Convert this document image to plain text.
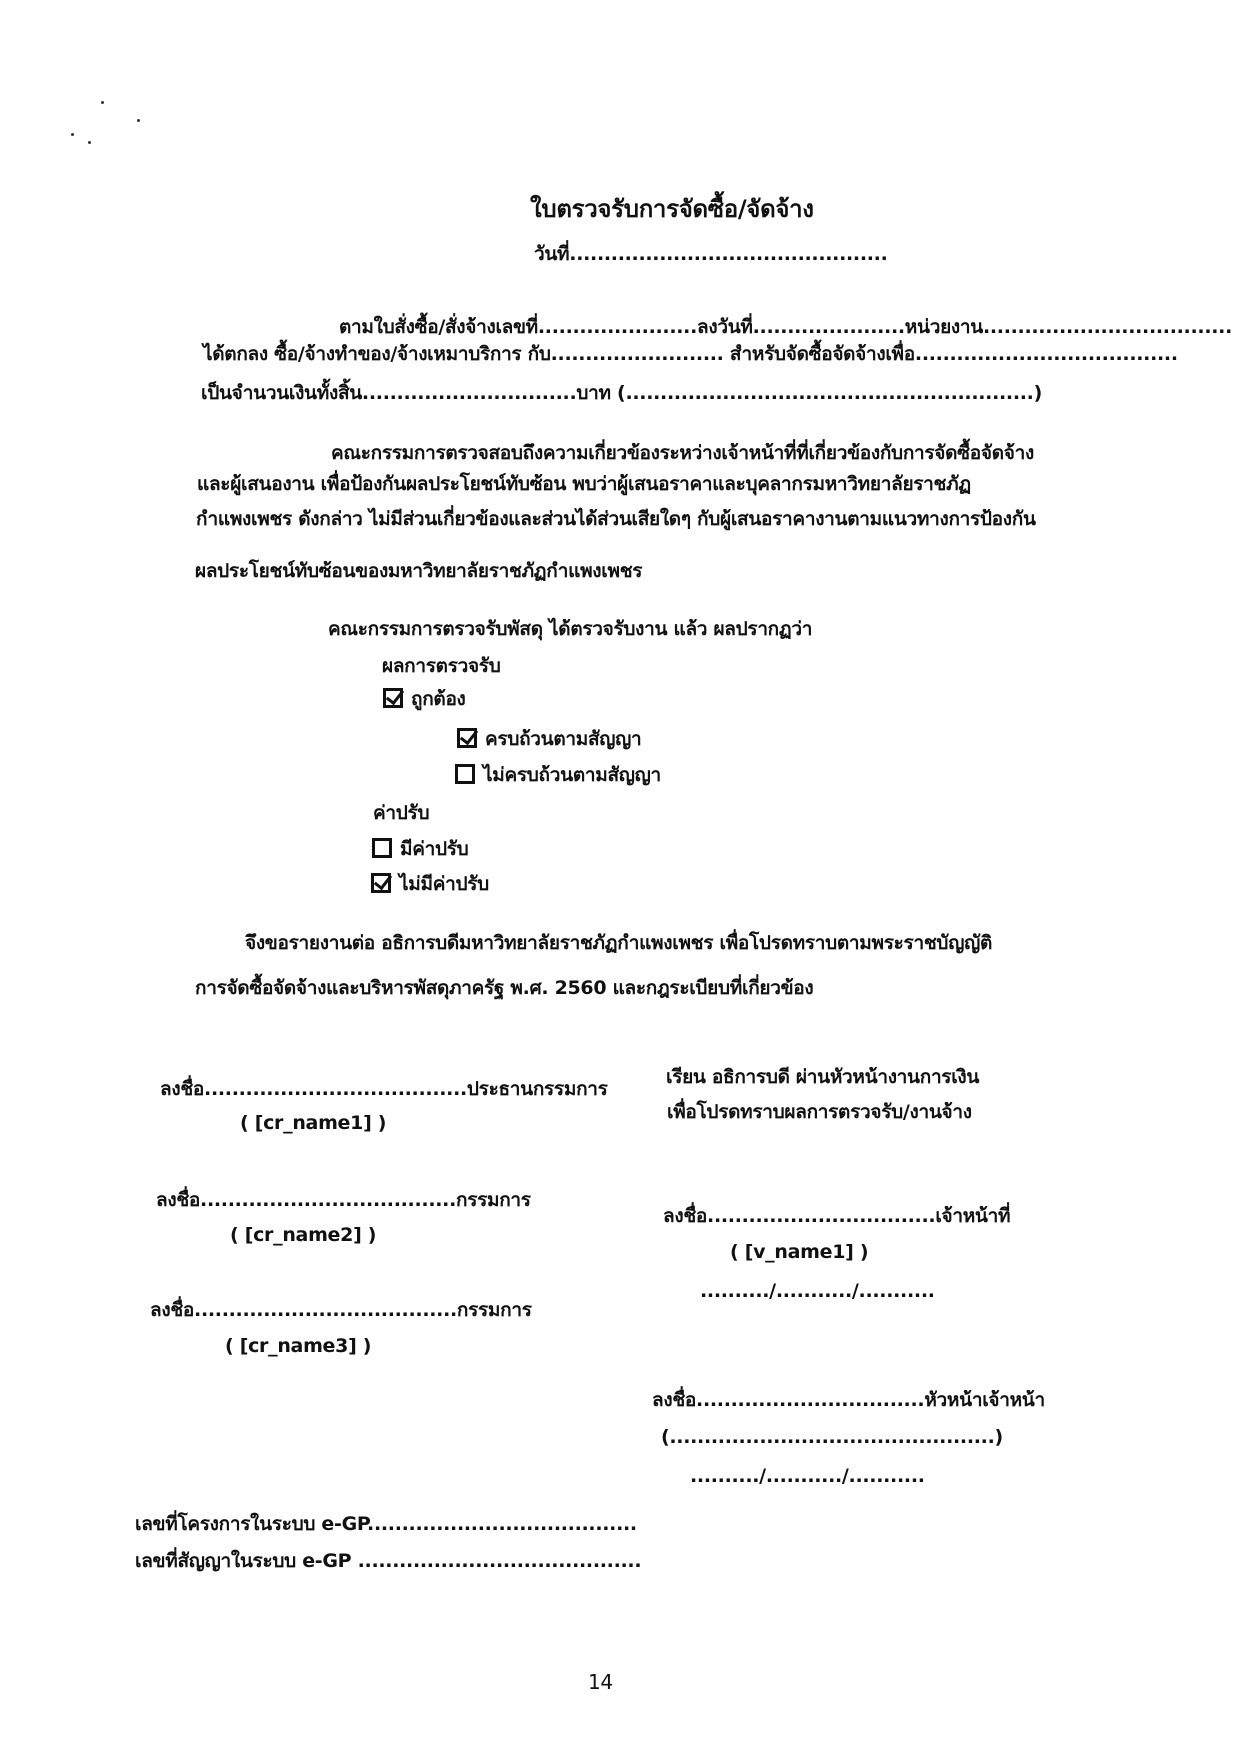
ใบตรวจรับการจัดซื้อ/จัดจ้าง
วันที่..............................................
ตามใบสั่งซื้อ/สั่งจ้างเลขที่.......................ลงวันที่......................หน่วยงาน....................................
ได้ตกลง ซื้อ/จ้างทำของ/จ้างเหมาบริการ กับ......................... สำหรับจัดซื้อจัดจ้างเพื่อ......................................
เป็นจำนวนเงินทั้งสิ้น...............................บาท (...........................................................)
คณะกรรมการตรวจสอบถึงความเกี่ยวข้องระหว่างเจ้าหน้าที่ที่เกี่ยวข้องกับการจัดซื้อจัดจ้าง
และผู้เสนองาน เพื่อป้องกันผลประโยชน์ทับซ้อน พบว่าผู้เสนอราคาและบุคลากรมหาวิทยาลัยราชภัฏ
กำแพงเพชร ดังกล่าว ไม่มีส่วนเกี่ยวข้องและส่วนได้ส่วนเสียใดๆ กับผู้เสนอราคางานตามแนวทางการป้องกัน
ผลประโยชน์ทับซ้อนของมหาวิทยาลัยราชภัฏกำแพงเพชร
คณะกรรมการตรวจรับพัสดุ ได้ตรวจรับงาน แล้ว ผลปรากฏว่า
ผลการตรวจรับ
ถูกต้อง
ครบถ้วนตามสัญญา
ไม่ครบถ้วนตามสัญญา
ค่าปรับ
มีค่าปรับ
ไม่มีค่าปรับ
จึงขอรายงานต่อ อธิการบดีมหาวิทยาลัยราชภัฏกำแพงเพชร เพื่อโปรดทราบตามพระราชบัญญัติ
การจัดซื้อจัดจ้างและบริหารพัสดุภาครัฐ พ.ศ. 2560 และกฎระเบียบที่เกี่ยวข้อง
ลงชื่อ......................................ประธานกรรมการ
( [cr_name1] )
ลงชื่อ.....................................กรรมการ
( [cr_name2] )
ลงชื่อ......................................กรรมการ
( [cr_name3] )
เรียน อธิการบดี ผ่านหัวหน้างานการเงิน
เพื่อโปรดทราบผลการตรวจรับ/งานจ้าง
ลงชื่อ.................................เจ้าหน้าที่
( [v_name1] )
........../.........../...........
ลงชื่อ.................................หัวหน้าเจ้าหน้า
(...............................................)
........../.........../...........
เลขที่โครงการในระบบ e-GP.......................................
เลขที่สัญญาในระบบ e-GP .........................................
14
